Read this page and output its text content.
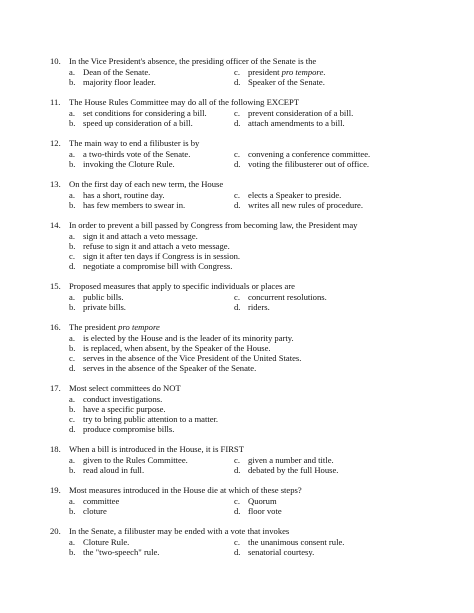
10. In the Vice President's absence, the presiding officer of the Senate is the
a. Dean of the Senate.	c. president pro tempore.
b. majority floor leader.	d. Speaker of the Senate.
11. The House Rules Committee may do all of the following EXCEPT
a. set conditions for considering a bill.	c. prevent consideration of a bill.
b. speed up consideration of a bill.	d. attach amendments to a bill.
12. The main way to end a filibuster is by
a. a two-thirds vote of the Senate.	c. convening a conference committee.
b. invoking the Cloture Rule.	d. voting the filibusterer out of office.
13. On the first day of each new term, the House
a. has a short, routine day.	c. elects a Speaker to preside.
b. has few members to swear in.	d. writes all new rules of procedure.
14. In order to prevent a bill passed by Congress from becoming law, the President may
a. sign it and attach a veto message.
b. refuse to sign it and attach a veto message.
c. sign it after ten days if Congress is in session.
d. negotiate a compromise bill with Congress.
15. Proposed measures that apply to specific individuals or places are
a. public bills.	c. concurrent resolutions.
b. private bills.	d. riders.
16. The president pro tempore
a. is elected by the House and is the leader of its minority party.
b. is replaced, when absent, by the Speaker of the House.
c. serves in the absence of the Vice President of the United States.
d. serves in the absence of the Speaker of the Senate.
17. Most select committees do NOT
a. conduct investigations.
b. have a specific purpose.
c. try to bring public attention to a matter.
d. produce compromise bills.
18. When a bill is introduced in the House, it is FIRST
a. given to the Rules Committee.	c. given a number and title.
b. read aloud in full.	d. debated by the full House.
19. Most measures introduced in the House die at which of these steps?
a. committee	c. Quorum
b. cloture	d. floor vote
20. In the Senate, a filibuster may be ended with a vote that invokes
a. Cloture Rule.	c. the unanimous consent rule.
b. the "two-speech" rule.	d. senatorial courtesy.
